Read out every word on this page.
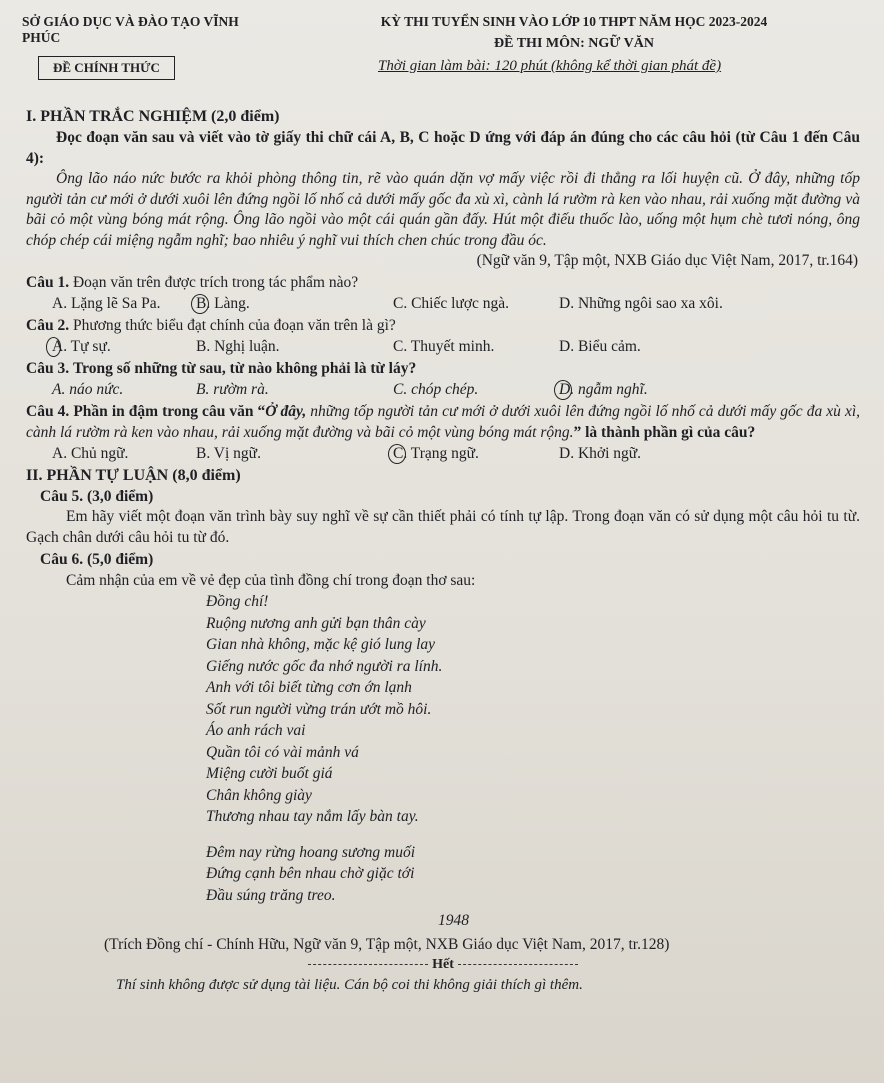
SỞ GIÁO DỤC VÀ ĐÀO TẠO VĨNH PHÚC
KỲ THI TUYỂN SINH VÀO LỚP 10 THPT NĂM HỌC 2023-2024
ĐỀ THI MÔN: NGỮ VĂN
ĐỀ CHÍNH THỨC	Thời gian làm bài: 120 phút (không kể thời gian phát đề)
I. PHẦN TRẮC NGHIỆM (2,0 điểm)

Đọc đoạn văn sau và viết vào tờ giấy thi chữ cái A, B, C hoặc D ứng với đáp án đúng cho các câu hỏi (từ Câu 1 đến Câu 4):

Ông lão náo nức bước ra khỏi phòng thông tin, rẽ vào quán dặn vợ mấy việc rồi đi thẳng ra lối huyện cũ. Ở đây, những tốp người tản cư mới ở dưới xuôi lên đứng ngồi lố nhố cả dưới mấy gốc đa xù xì, cành lá rườm rà ken vào nhau, rải xuống mặt đường và bãi cỏ một vùng bóng mát rộng. Ông lão ngồi vào một cái quán gần đấy. Hút một điếu thuốc lào, uống một hụm chè tươi nóng, ông chóp chép cái miệng ngẫm nghĩ; bao nhiêu ý nghĩ vui thích chen chúc trong đầu óc.

(Ngữ văn 9, Tập một, NXB Giáo dục Việt Nam, 2017, tr.164)

Câu 1. Đoạn văn trên được trích trong tác phẩm nào?

A. Lặng lẽ Sa Pa.	B. Làng.	C. Chiếc lược ngà.	D. Những ngôi sao xa xôi.

Câu 2. Phương thức biểu đạt chính của đoạn văn trên là gì?

A. Tự sự.	B. Nghị luận.	C. Thuyết minh.	D. Biểu cảm.

Câu 3. Trong số những từ sau, từ nào không phải là từ láy?

A. náo nức.	B. rườm rà.	C. chóp chép.	D. ngẫm nghĩ.

Câu 4. Phần in đậm trong câu văn “Ở đây, những tốp người tản cư mới ở dưới xuôi lên đứng ngồi lố nhố cả dưới mấy gốc đa xù xì, cành lá rườm rà ken vào nhau, rải xuống mặt đường và bãi cỏ một vùng bóng mát rộng.” là thành phần gì của câu?

A. Chủ ngữ.	B. Vị ngữ.	C. Trạng ngữ.	D. Khởi ngữ.
II. PHẦN TỰ LUẬN (8,0 điểm)

Câu 5. (3,0 điểm)

Em hãy viết một đoạn văn trình bày suy nghĩ về sự cần thiết phải có tính tự lập. Trong đoạn văn có sử dụng một câu hỏi tu từ. Gạch chân dưới câu hỏi tu từ đó.

Câu 6. (5,0 điểm)

Cảm nhận của em về vẻ đẹp của tình đồng chí trong đoạn thơ sau:

Đồng chí!
Ruộng nương anh gửi bạn thân cày
Gian nhà không, mặc kệ gió lung lay
Giếng nước gốc đa nhớ người ra lính.
Anh với tôi biết từng cơn ớn lạnh
Sốt run người vừng trán ướt mồ hôi.
Áo anh rách vai
Quần tôi có vài mảnh vá
Miệng cười buốt giá
Chân không giày
Thương nhau tay nắm lấy bàn tay.
Đêm nay rừng hoang sương muối
Đứng cạnh bên nhau chờ giặc tới
Đầu súng trăng treo.
1948
(Trích Đồng chí - Chính Hữu, Ngữ văn 9, Tập một, NXB Giáo dục Việt Nam, 2017, tr.128)
Hết
Thí sinh không được sử dụng tài liệu. Cán bộ coi thi không giải thích gì thêm.
